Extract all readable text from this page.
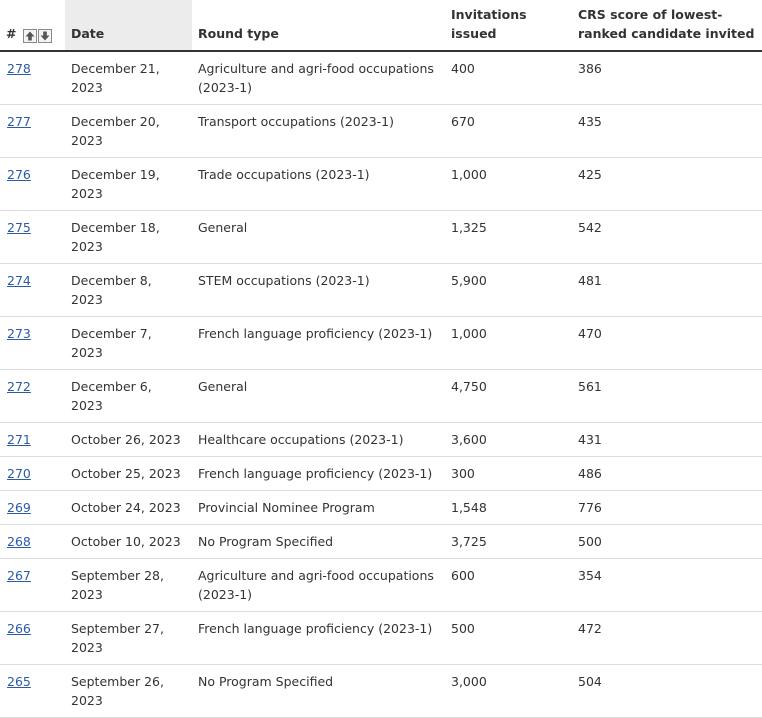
#	Date	Round type	Invitations issued	CRS score of lowest-ranked candidate invited
278	December 21, 2023	Agriculture and agri-food occupations (2023-1)	400	386
277	December 20, 2023	Transport occupations (2023-1)	670	435
276	December 19, 2023	Trade occupations (2023-1)	1,000	425
275	December 18, 2023	General	1,325	542
274	December 8, 2023	STEM occupations (2023-1)	5,900	481
273	December 7, 2023	French language proficiency (2023-1)	1,000	470
272	December 6, 2023	General	4,750	561
271	October 26, 2023	Healthcare occupations (2023-1)	3,600	431
270	October 25, 2023	French language proficiency (2023-1)	300	486
269	October 24, 2023	Provincial Nominee Program	1,548	776
268	October 10, 2023	No Program Specified	3,725	500
267	September 28, 2023	Agriculture and agri-food occupations (2023-1)	600	354
266	September 27, 2023	French language proficiency (2023-1)	500	472
265	September 26, 2023	No Program Specified	3,000	504
